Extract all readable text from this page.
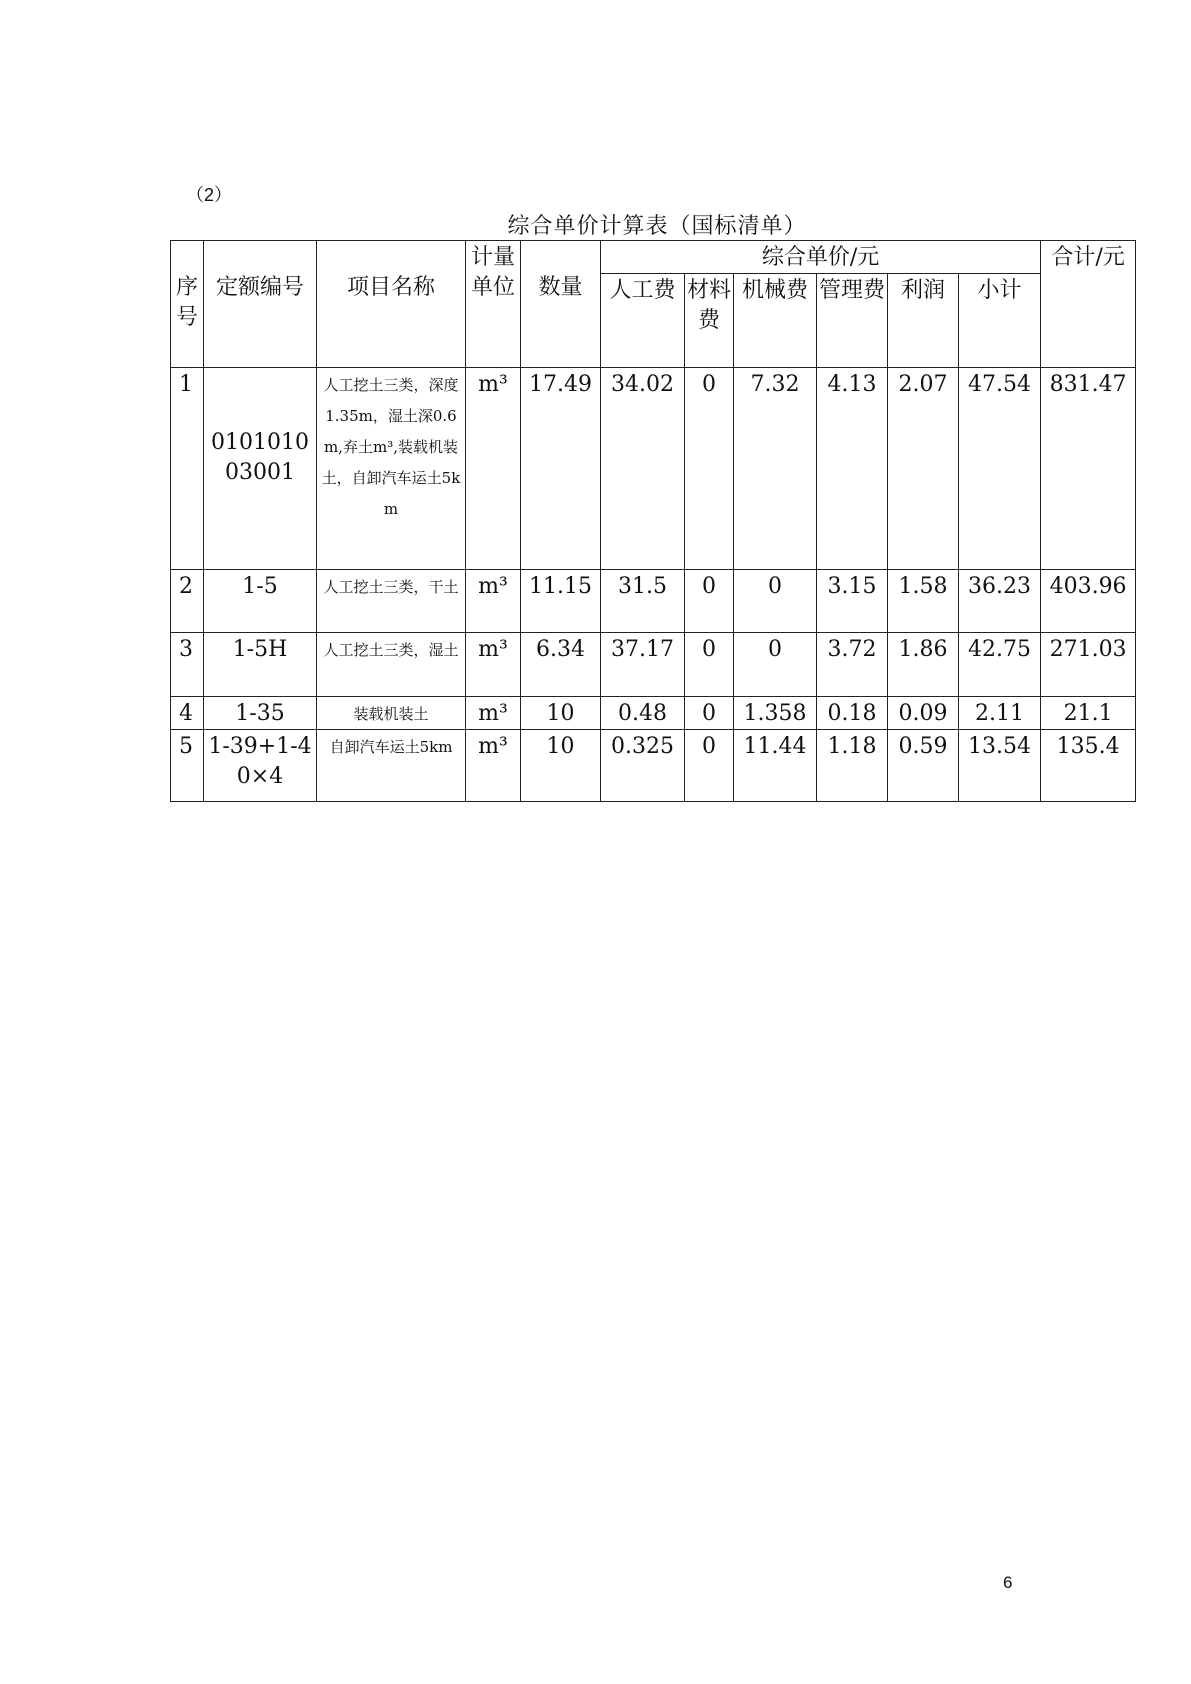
（2）
综合单价计算表（国标清单）
序号	定额编号	项目名称	计量单位	数量	综合单价/元						合计/元
					人工费	材料费	机械费	管理费	利润	小计	
1	010101003001	人工挖土三类，深度1.35m，湿土深0.6m,弃土m³,装载机装土，自卸汽车运土5km	m³	17.49	34.02	0	7.32	4.13	2.07	47.54	831.47
2	1-5	人工挖土三类，干土	m³	11.15	31.5	0	0	3.15	1.58	36.23	403.96
3	1-5H	人工挖土三类，湿土	m³	6.34	37.17	0	0	3.72	1.86	42.75	271.03
4	1-35	装载机装土	m³	10	0.48	0	1.358	0.18	0.09	2.11	21.1
5	1-39+1-40×4	自卸汽车运土5km	m³	10	0.325	0	11.44	1.18	0.59	13.54	135.4
6
